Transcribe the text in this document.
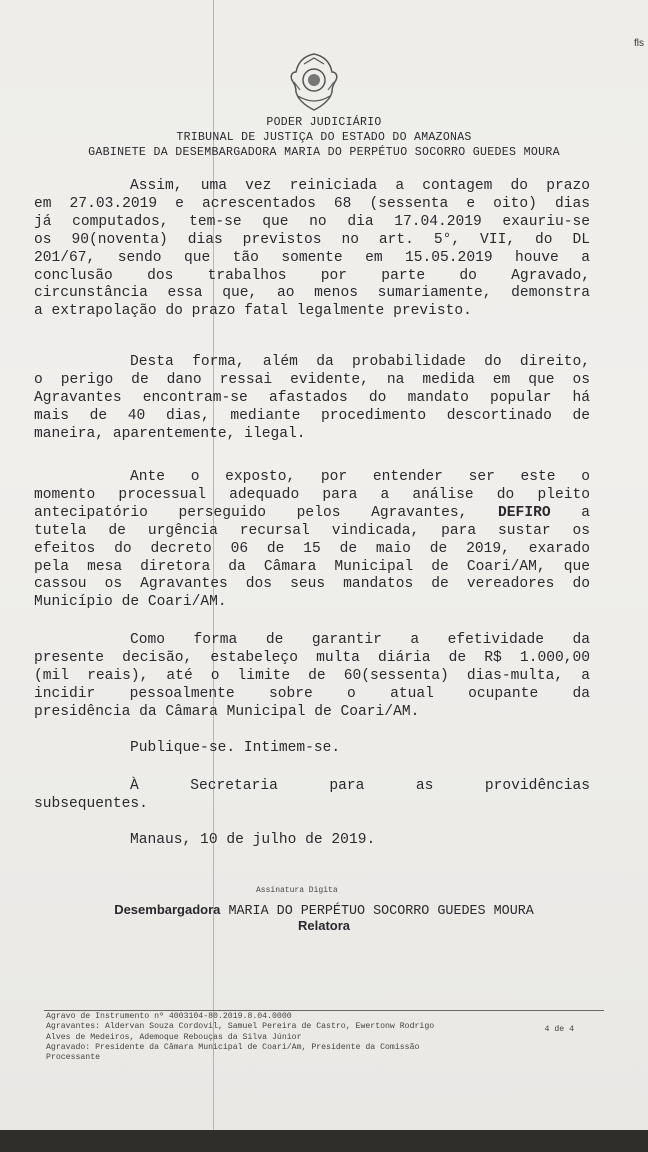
fls
PODER JUDICIÁRIO
TRIBUNAL DE JUSTIÇA DO ESTADO DO AMAZONAS
GABINETE DA DESEMBARGADORA MARIA DO PERPÉTUO SOCORRO GUEDES MOURA
Assim, uma vez reiniciada a contagem do prazo
em 27.03.2019 e acrescentados 68 (sessenta e oito) dias
já computados, tem-se que no dia 17.04.2019 exauriu-se
os 90(noventa) dias previstos no art. 5°, VII, do DL
201/67, sendo que tão somente em 15.05.2019 houve a
conclusão dos trabalhos por parte do Agravado,
circunstância essa que, ao menos sumariamente, demonstra
a extrapolação do prazo fatal legalmente previsto.
Desta forma, além da probabilidade do direito,
o perigo de dano ressai evidente, na medida em que os
Agravantes encontram-se afastados do mandato popular há
mais de 40 dias, mediante procedimento descortinado de
maneira, aparentemente, ilegal.
Ante o exposto, por entender ser este o
momento processual adequado para a análise do pleito
antecipatório perseguido pelos Agravantes, DEFIRO a
tutela de urgência recursal vindicada, para sustar os
efeitos do decreto 06 de 15 de maio de 2019, exarado
pela mesa diretora da Câmara Municipal de Coari/AM, que
cassou os Agravantes dos seus mandatos de vereadores do
Município de Coari/AM.
Como forma de garantir a efetividade da
presente decisão, estabeleço multa diária de R$ 1.000,00
(mil reais), até o limite de 60(sessenta) dias-multa, a
incidir pessoalmente sobre o atual ocupante da
presidência da Câmara Municipal de Coari/AM.
Publique-se. Intimem-se.
À Secretaria para as providências
subsequentes.
Manaus, 10 de julho de 2019.
Assinatura Digita
Desembargadora MARIA DO PERPÉTUO SOCORRO GUEDES MOURA
Relatora
Agravo de Instrumento nº 4003104-80.2019.8.04.0000
Agravantes: Aldervan Souza Cordovil, Samuel Pereira de Castro, Ewertonw Rodrigo
Alves de Medeiros, Ademoque Rebouças da Silva Júnior
Agravado: Presidente da Câmara Municipal de Coari/Am, Presidente da Comissão
Processante
4 de 4
